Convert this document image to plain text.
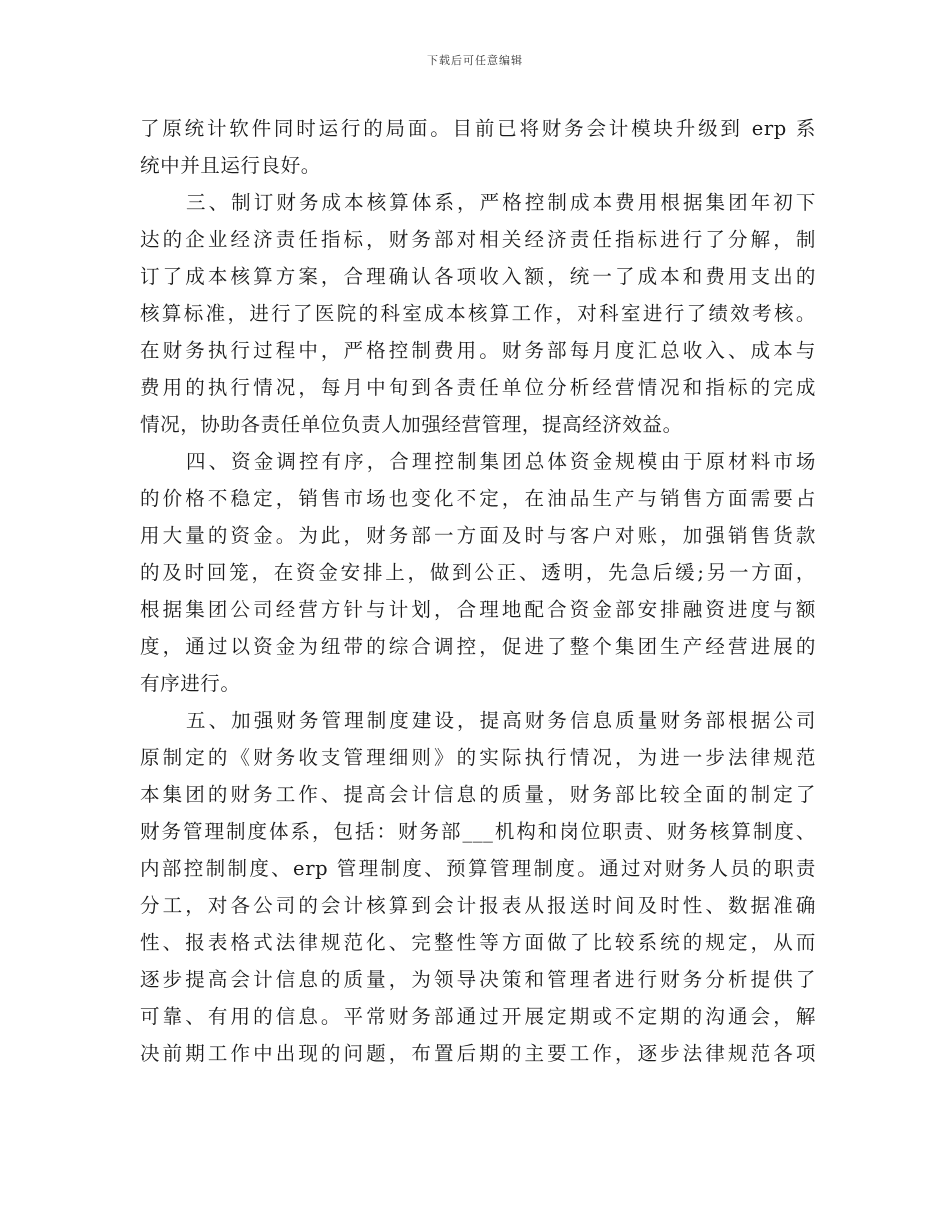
下载后可任意编辑
了原统计软件同时运行的局面。目前已将财务会计模块升级到 erp 系
统中并且运行良好。
三、制订财务成本核算体系，严格控制成本费用根据集团年初下
达的企业经济责任指标，财务部对相关经济责任指标进行了分解，制
订了成本核算方案，合理确认各项收入额，统一了成本和费用支出的
核算标准，进行了医院的科室成本核算工作，对科室进行了绩效考核。
在财务执行过程中，严格控制费用。财务部每月度汇总收入、成本与
费用的执行情况，每月中旬到各责任单位分析经营情况和指标的完成
情况，协助各责任单位负责人加强经营管理，提高经济效益。
四、资金调控有序，合理控制集团总体资金规模由于原材料市场
的价格不稳定，销售市场也变化不定，在油品生产与销售方面需要占
用大量的资金。为此，财务部一方面及时与客户对账，加强销售货款
的及时回笼，在资金安排上，做到公正、透明，先急后缓;另一方面，
根据集团公司经营方针与计划，合理地配合资金部安排融资进度与额
度，通过以资金为纽带的综合调控，促进了整个集团生产经营进展的
有序进行。
五、加强财务管理制度建设，提高财务信息质量财务部根据公司
原制定的《财务收支管理细则》的实际执行情况，为进一步法律规范
本集团的财务工作、提高会计信息的质量，财务部比较全面的制定了
财务管理制度体系，包括：财务部___机构和岗位职责、财务核算制度、
内部控制制度、erp 管理制度、预算管理制度。通过对财务人员的职责
分工，对各公司的会计核算到会计报表从报送时间及时性、数据准确
性、报表格式法律规范化、完整性等方面做了比较系统的规定，从而
逐步提高会计信息的质量，为领导决策和管理者进行财务分析提供了
可靠、有用的信息。平常财务部通过开展定期或不定期的沟通会，解
决前期工作中出现的问题，布置后期的主要工作，逐步法律规范各项
